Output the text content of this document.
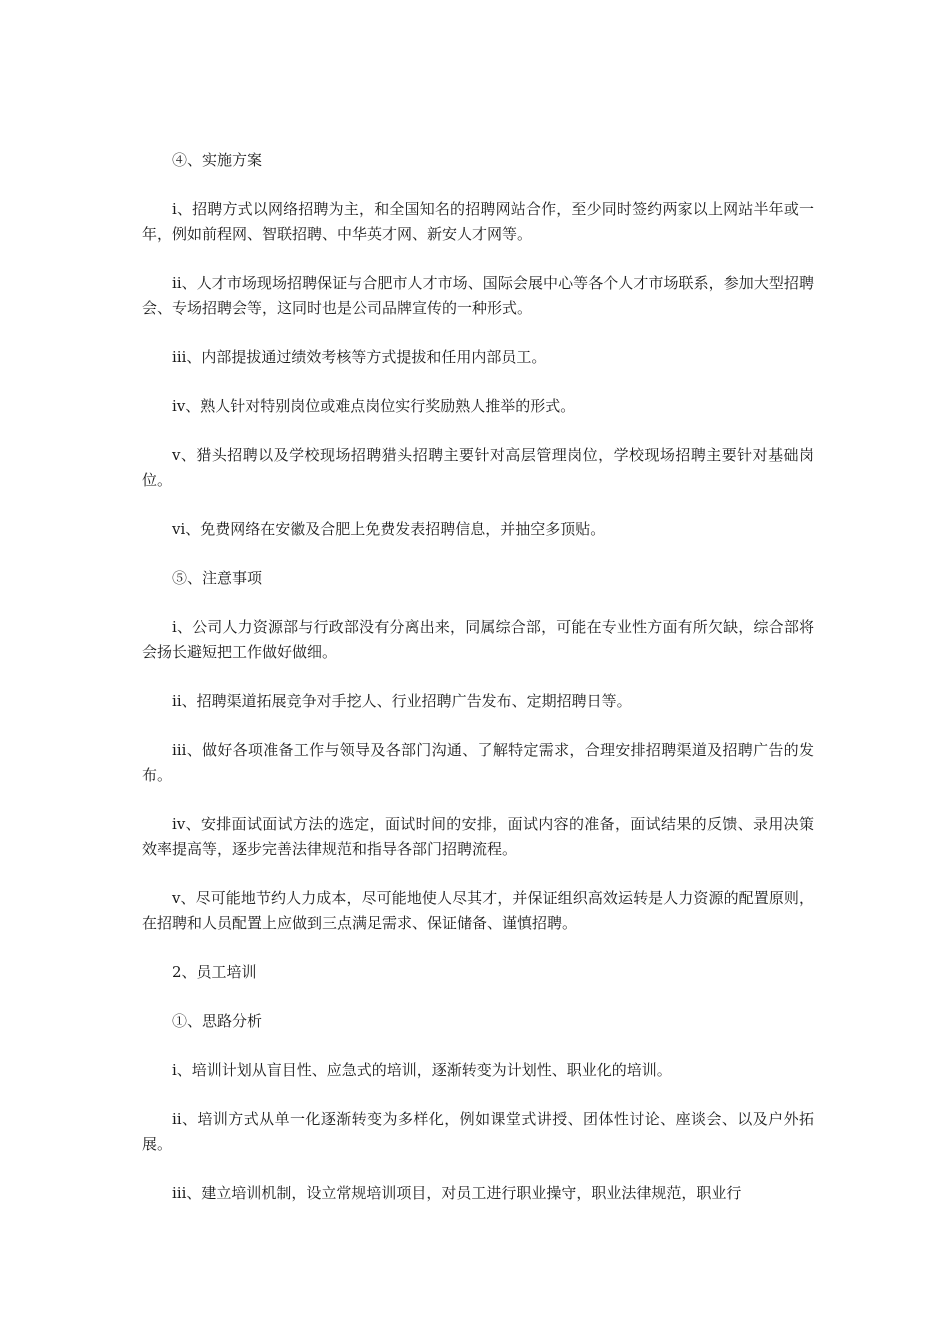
④、实施方案

ⅰ、招聘方式以网络招聘为主，和全国知名的招聘网站合作，至少同时签约两家以上网站半年或一年，例如前程网、智联招聘、中华英才网、新安人才网等。

ⅱ、人才市场现场招聘保证与合肥市人才市场、国际会展中心等各个人才市场联系，参加大型招聘会、专场招聘会等，这同时也是公司品牌宣传的一种形式。

ⅲ、内部提拔通过绩效考核等方式提拔和任用内部员工。

ⅳ、熟人针对特别岗位或难点岗位实行奖励熟人推举的形式。

ⅴ、猎头招聘以及学校现场招聘猎头招聘主要针对高层管理岗位，学校现场招聘主要针对基础岗位。

ⅵ、免费网络在安徽及合肥上免费发表招聘信息，并抽空多顶贴。

⑤、注意事项

ⅰ、公司人力资源部与行政部没有分离出来，同属综合部，可能在专业性方面有所欠缺，综合部将会扬长避短把工作做好做细。

ⅱ、招聘渠道拓展竞争对手挖人、行业招聘广告发布、定期招聘日等。

ⅲ、做好各项准备工作与领导及各部门沟通、了解特定需求，合理安排招聘渠道及招聘广告的发布。

ⅳ、安排面试面试方法的选定，面试时间的安排，面试内容的准备，面试结果的反馈、录用决策效率提高等，逐步完善法律规范和指导各部门招聘流程。

ⅴ、尽可能地节约人力成本，尽可能地使人尽其才，并保证组织高效运转是人力资源的配置原则，在招聘和人员配置上应做到三点满足需求、保证储备、谨慎招聘。

2、员工培训

①、思路分析

ⅰ、培训计划从盲目性、应急式的培训，逐渐转变为计划性、职业化的培训。

ⅱ、培训方式从单一化逐渐转变为多样化，例如课堂式讲授、团体性讨论、座谈会、以及户外拓展。

ⅲ、建立培训机制，设立常规培训项目，对员工进行职业操守，职业法律规范，职业行
